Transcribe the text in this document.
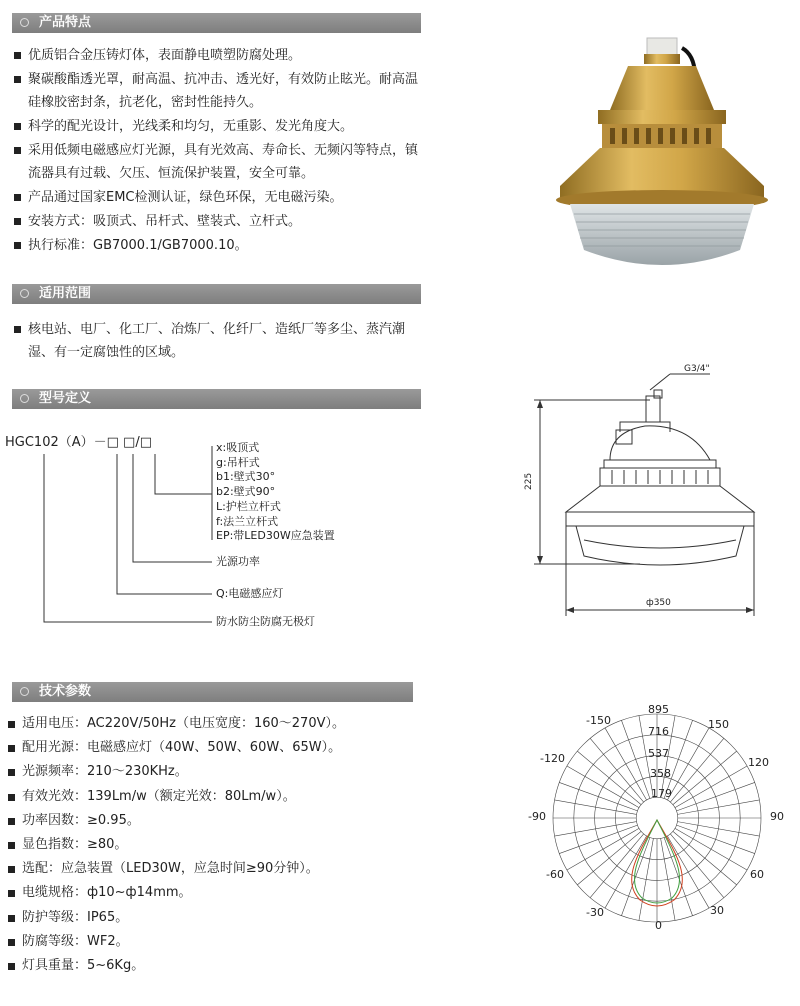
产品特点
优质铝合金压铸灯体，表面静电喷塑防腐处理。
聚碳酸酯透光罩，耐高温、抗冲击、透光好，有效防止眩光。耐高温硅橡胶密封条，抗老化，密封性能持久。
科学的配光设计，光线柔和均匀，无重影、发光角度大。
采用低频电磁感应灯光源，具有光效高、寿命长、无频闪等特点，镇流器具有过载、欠压、恒流保护装置，安全可靠。
产品通过国家EMC检测认证，绿色环保，无电磁污染。
安装方式：吸顶式、吊杆式、壁装式、立杆式。
执行标准：GB7000.1/GB7000.10。
适用范围
核电站、电厂、化工厂、冶炼厂、化纤厂、造纸厂等多尘、蒸汽潮湿、有一定腐蚀性的区域。
型号定义
HGC102（A）－□ □/□	x:吸顶式
g:吊杆式
b1:壁式30°
b2:壁式90°
L:护栏立杆式
f:法兰立杆式
EP:带LED30W应急装置
光源功率
Q:电磁感应灯
防水防尘防腐无极灯
G3/4"
225
ф350
技术参数
适用电压：AC220V/50Hz（电压宽度：160～270V）。
配用光源：电磁感应灯（40W、50W、60W、65W）。
光源频率：210～230KHz。
有效光效：139Lm/w（额定光效：80Lm/w）。
功率因数：≥0.95。
显色指数：≥80。
选配：应急装置（LED30W，应急时间≥90分钟）。
电缆规格：ф10~ф14mm。
防护等级：IP65。
防腐等级：WF2。
灯具重量：5~6Kg。
895
716
537
358
179
0
-150	150
-120	120
-90	90
-60	60
-30	30
